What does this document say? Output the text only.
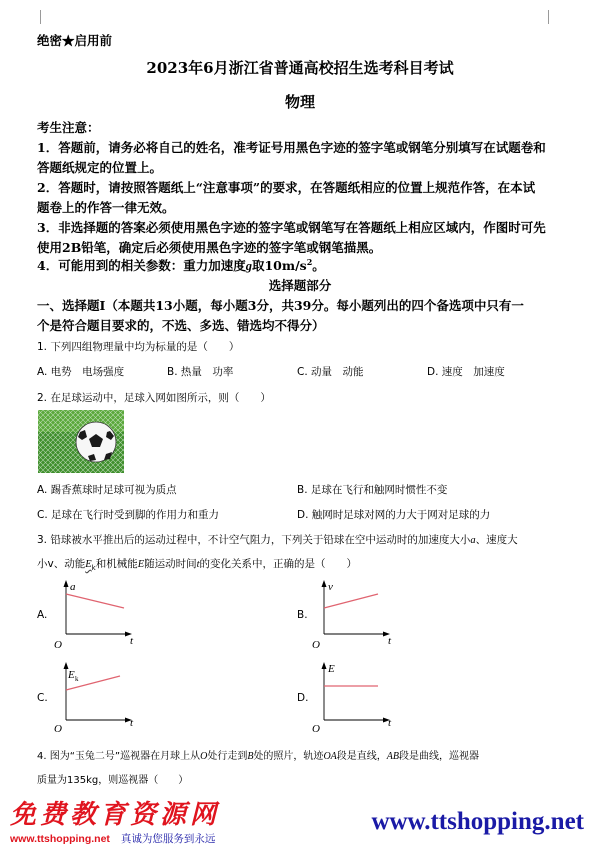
绝密★启用前
2023年6月浙江省普通高校招生选考科目考试
物理
考生注意：
1．答题前，请务必将自己的姓名，准考证号用黑色字迹的签字笔或钢笔分别填写在试题卷和
答题纸规定的位置上。
2．答题时，请按照答题纸上“注意事项”的要求，在答题纸相应的位置上规范作答，在本试
题卷上的作答一律无效。
3．非选择题的答案必须使用黑色字迹的签字笔或钢笔写在答题纸上相应区域内，作图时可先
使用2B铅笔，确定后必须使用黑色字迹的签字笔或钢笔描黑。
4．可能用到的相关参数：重力加速度g取$10m/s^2$。
选择题部分
一、选择题Ⅰ（本题共13小题，每小题3分，共39分。每小题列出的四个备选项中只有一
个是符合题目要求的，不选、多选、错选均不得分）
1. 下列四组物理量中均为标量的是（　　）
A. 电势　电场强度	B. 热量　功率	C. 动量　动能	D. 速度　加速度
2. 在足球运动中，足球入网如图所示，则（　　）
A. 踢香蕉球时足球可视为质点	B. 足球在飞行和触网时惯性不变
C. 足球在飞行时受到脚的作用力和重力	D. 触网时足球对网的力大于网对足球的力
3. 铅球被水平推出后的运动过程中，不计空气阻力，下列关于铅球在空中运动时的加速度大小a、速度大
小v、动能$E_k$和机械能E随运动时间t的变化关系中，正确的是（　　）
A.
a
t
O
B.
v
t
O
C.
E k
t
O
D.
E
t
O
4. 图为“玉兔二号”巡视器在月球上从O处行走到B处的照片，轨迹OA段是直线，AB段是曲线，巡视器
质量为135kg，则巡视器（　　）
免费教育资源网
www.ttshopping.net 真诚为您服务到永远
www.ttshopping.net
